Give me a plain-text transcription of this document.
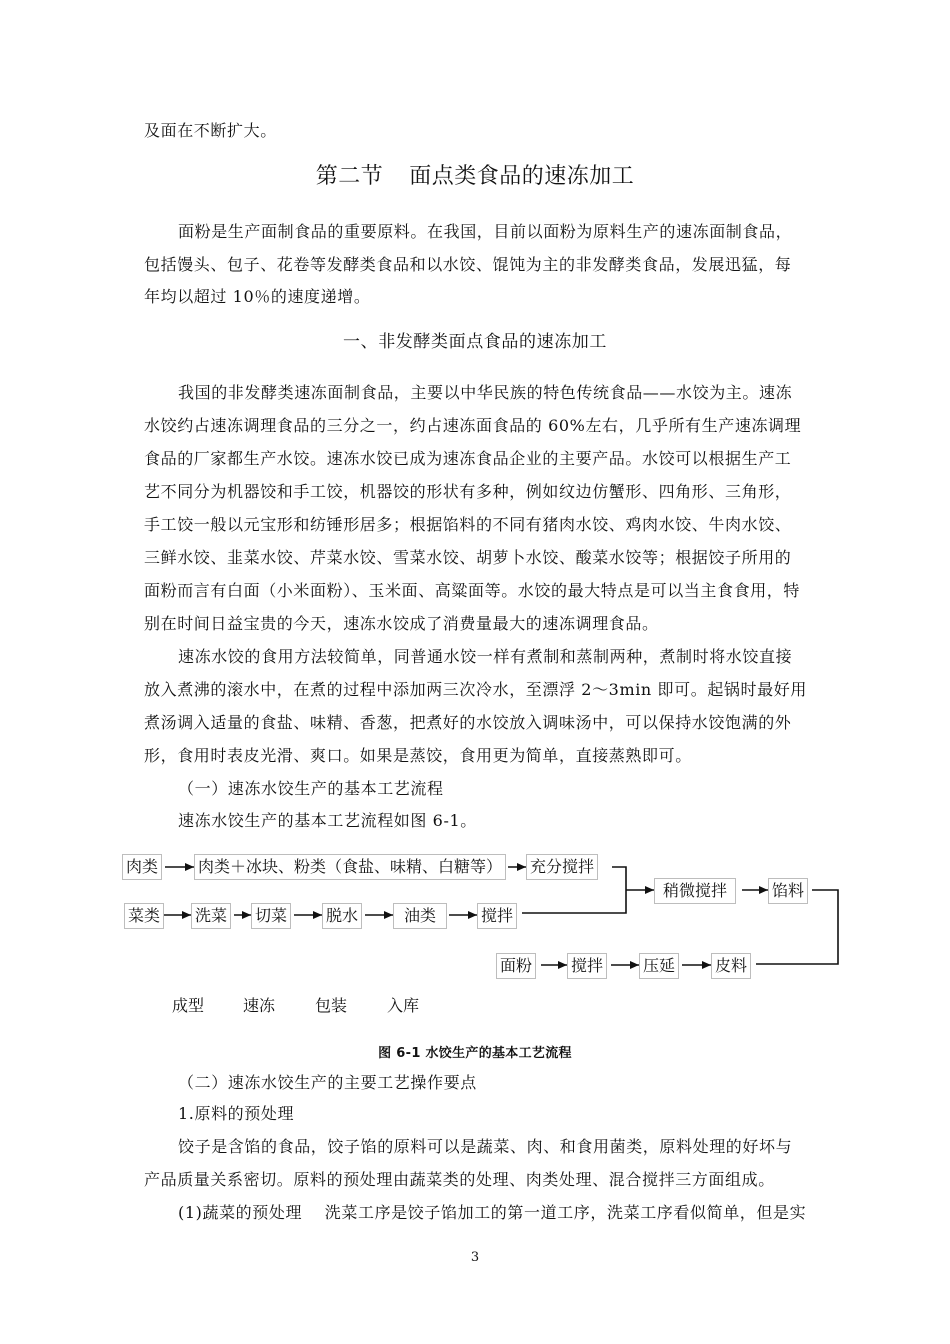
及面在不断扩大。
第二节 面点类食品的速冻加工
面粉是生产面制食品的重要原料。在我国，目前以面粉为原料生产的速冻面制食品，
包括馒头、包子、花卷等发酵类食品和以水饺、馄饨为主的非发酵类食品，发展迅猛，每
年均以超过 10％的速度递增。
一、非发酵类面点食品的速冻加工
我国的非发酵类速冻面制食品，主要以中华民族的特色传统食品——水饺为主。速冻
水饺约占速冻调理食品的三分之一，约占速冻面食品的 60%左右，几乎所有生产速冻调理
食品的厂家都生产水饺。速冻水饺已成为速冻食品企业的主要产品。水饺可以根据生产工
艺不同分为机器饺和手工饺，机器饺的形状有多种，例如纹边仿蟹形、四角形、三角形，
手工饺一般以元宝形和纺锤形居多；根据馅料的不同有猪肉水饺、鸡肉水饺、牛肉水饺、
三鲜水饺、韭菜水饺、芹菜水饺、雪菜水饺、胡萝卜水饺、酸菜水饺等；根据饺子所用的
面粉而言有白面（小米面粉）、玉米面、高粱面等。水饺的最大特点是可以当主食食用，特
别在时间日益宝贵的今天，速冻水饺成了消费量最大的速冻调理食品。
速冻水饺的食用方法较简单，同普通水饺一样有煮制和蒸制两种，煮制时将水饺直接
放入煮沸的滚水中，在煮的过程中添加两三次冷水，至漂浮 2～3min 即可。起锅时最好用
煮汤调入适量的食盐、味精、香葱，把煮好的水饺放入调味汤中，可以保持水饺饱满的外
形，食用时表皮光滑、爽口。如果是蒸饺，食用更为简单，直接蒸熟即可。
（一）速冻水饺生产的基本工艺流程
速冻水饺生产的基本工艺流程如图 6-1。
肉类 肉类＋冰块、粉类（食盐、味精、白糖等） 充分搅拌
菜类 洗菜 切菜 脱水	油类	搅拌
稍微搅拌	馅料
面粉 搅拌 压延 皮料
成型 速冻 包装 入库
图 6-1 水饺生产的基本工艺流程
（二）速冻水饺生产的主要工艺操作要点
1.原料的预处理
饺子是含馅的食品，饺子馅的原料可以是蔬菜、肉、和食用菌类，原料处理的好坏与
产品质量关系密切。原料的预处理由蔬菜类的处理、肉类处理、混合搅拌三方面组成。
(1)蔬菜的预处理    洗菜工序是饺子馅加工的第一道工序，洗菜工序看似简单，但是实
3
